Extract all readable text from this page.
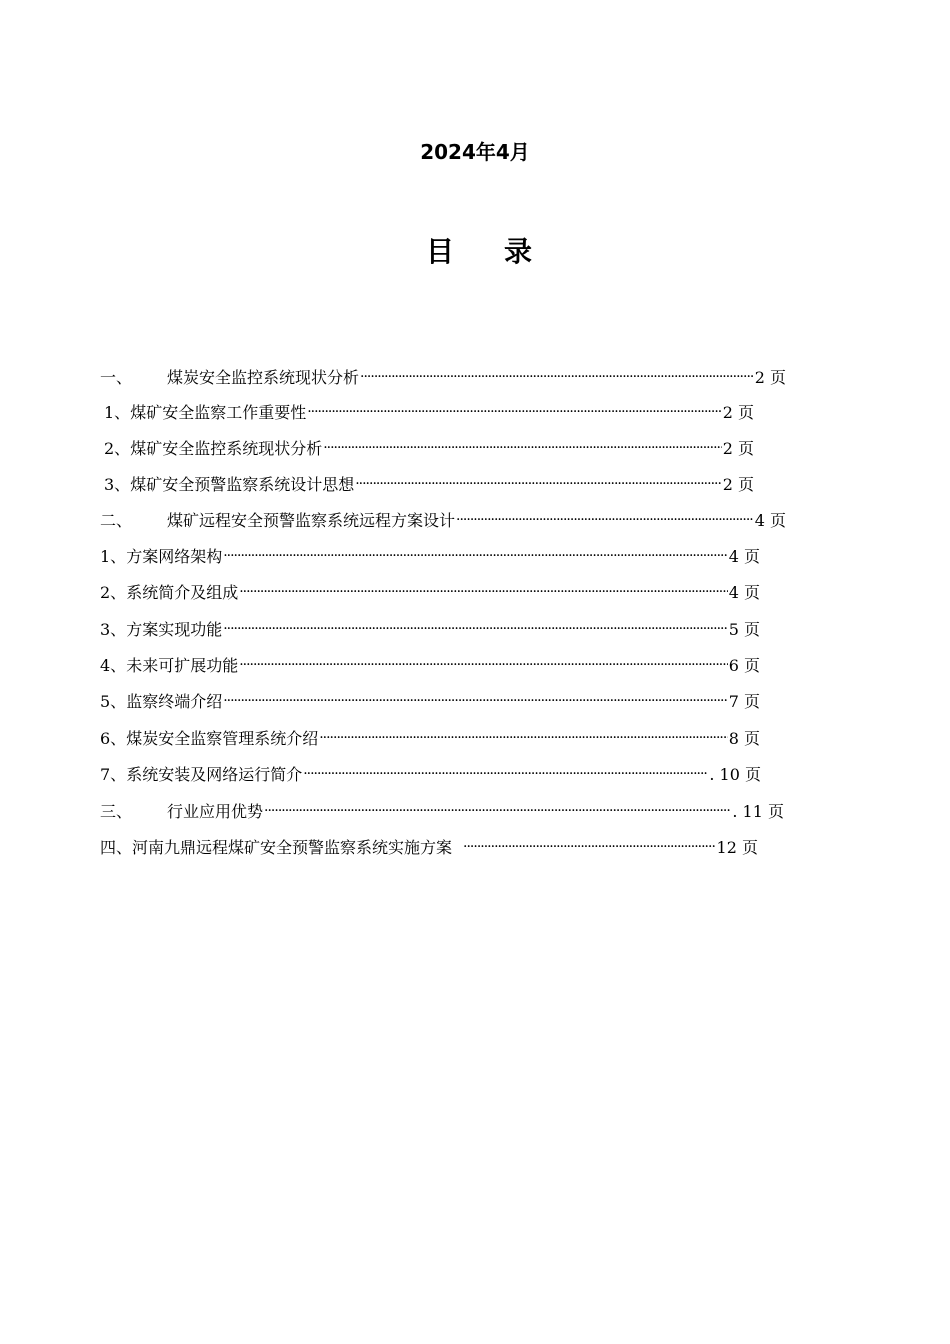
2024年4月
目 录
一、	煤炭安全监控系统现状分析 ·····	2 页
1、 煤矿安全监察工作重要性 ·····	2 页
2、 煤矿安全监控系统现状分析 ·····	2 页
3、 煤矿安全预警监察系统设计思想 ·····	2 页
二、	煤矿远程安全预警监察系统远程方案设计 ·····	4 页
1、 方案网络架构 ·····	4 页
2、 系统简介及组成 ·····	4 页
3、 方案实现功能 ·····	5 页
4、 未来可扩展功能 ·····	6 页
5、 监察终端介绍 ·····	7 页
6、 煤炭安全监察管理系统介绍 ·····	8 页
7、 系统安装及网络运行简介 ·····	. 10 页
三、	行业应用优势 ·····	. 11 页
四、 河南九鼎远程煤矿安全预警监察系统实施方案 ·····	12 页
